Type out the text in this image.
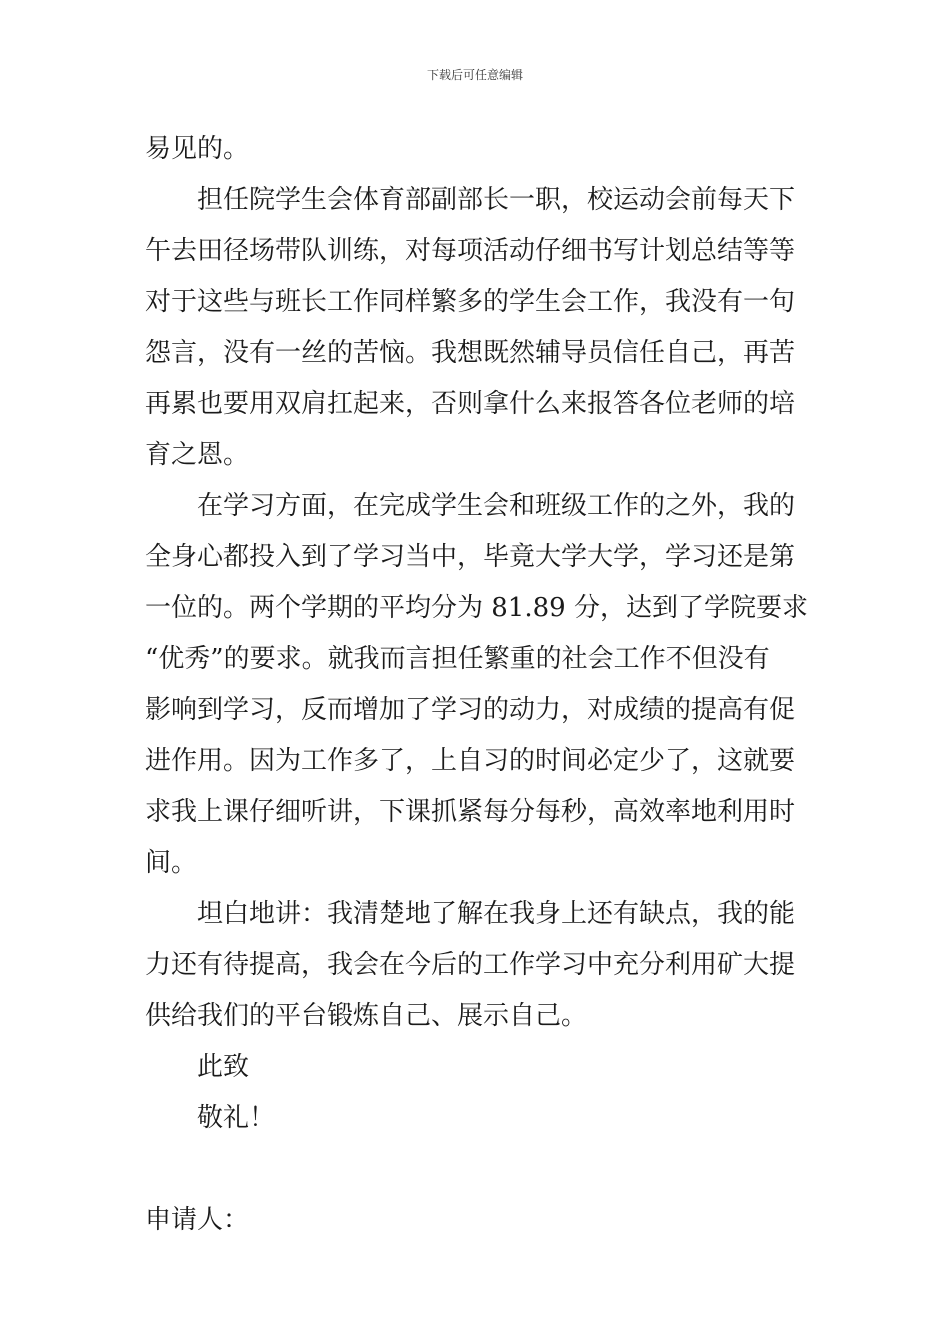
下载后可任意编辑
易见的。
担任院学生会体育部副部长一职，校运动会前每天下
午去田径场带队训练，对每项活动仔细书写计划总结等等
对于这些与班长工作同样繁多的学生会工作，我没有一句
怨言，没有一丝的苦恼。我想既然辅导员信任自己，再苦
再累也要用双肩扛起来，否则拿什么来报答各位老师的培
育之恩。
在学习方面，在完成学生会和班级工作的之外，我的
全身心都投入到了学习当中，毕竟大学大学，学习还是第
一位的。两个学期的平均分为 81.89 分，达到了学院要求
“优秀”的要求。就我而言担任繁重的社会工作不但没有
影响到学习，反而增加了学习的动力，对成绩的提高有促
进作用。因为工作多了，上自习的时间必定少了，这就要
求我上课仔细听讲，下课抓紧每分每秒，高效率地利用时
间。
坦白地讲：我清楚地了解在我身上还有缺点，我的能
力还有待提高，我会在今后的工作学习中充分利用矿大提
供给我们的平台锻炼自己、展示自己。
此致
敬礼！
申请人：
